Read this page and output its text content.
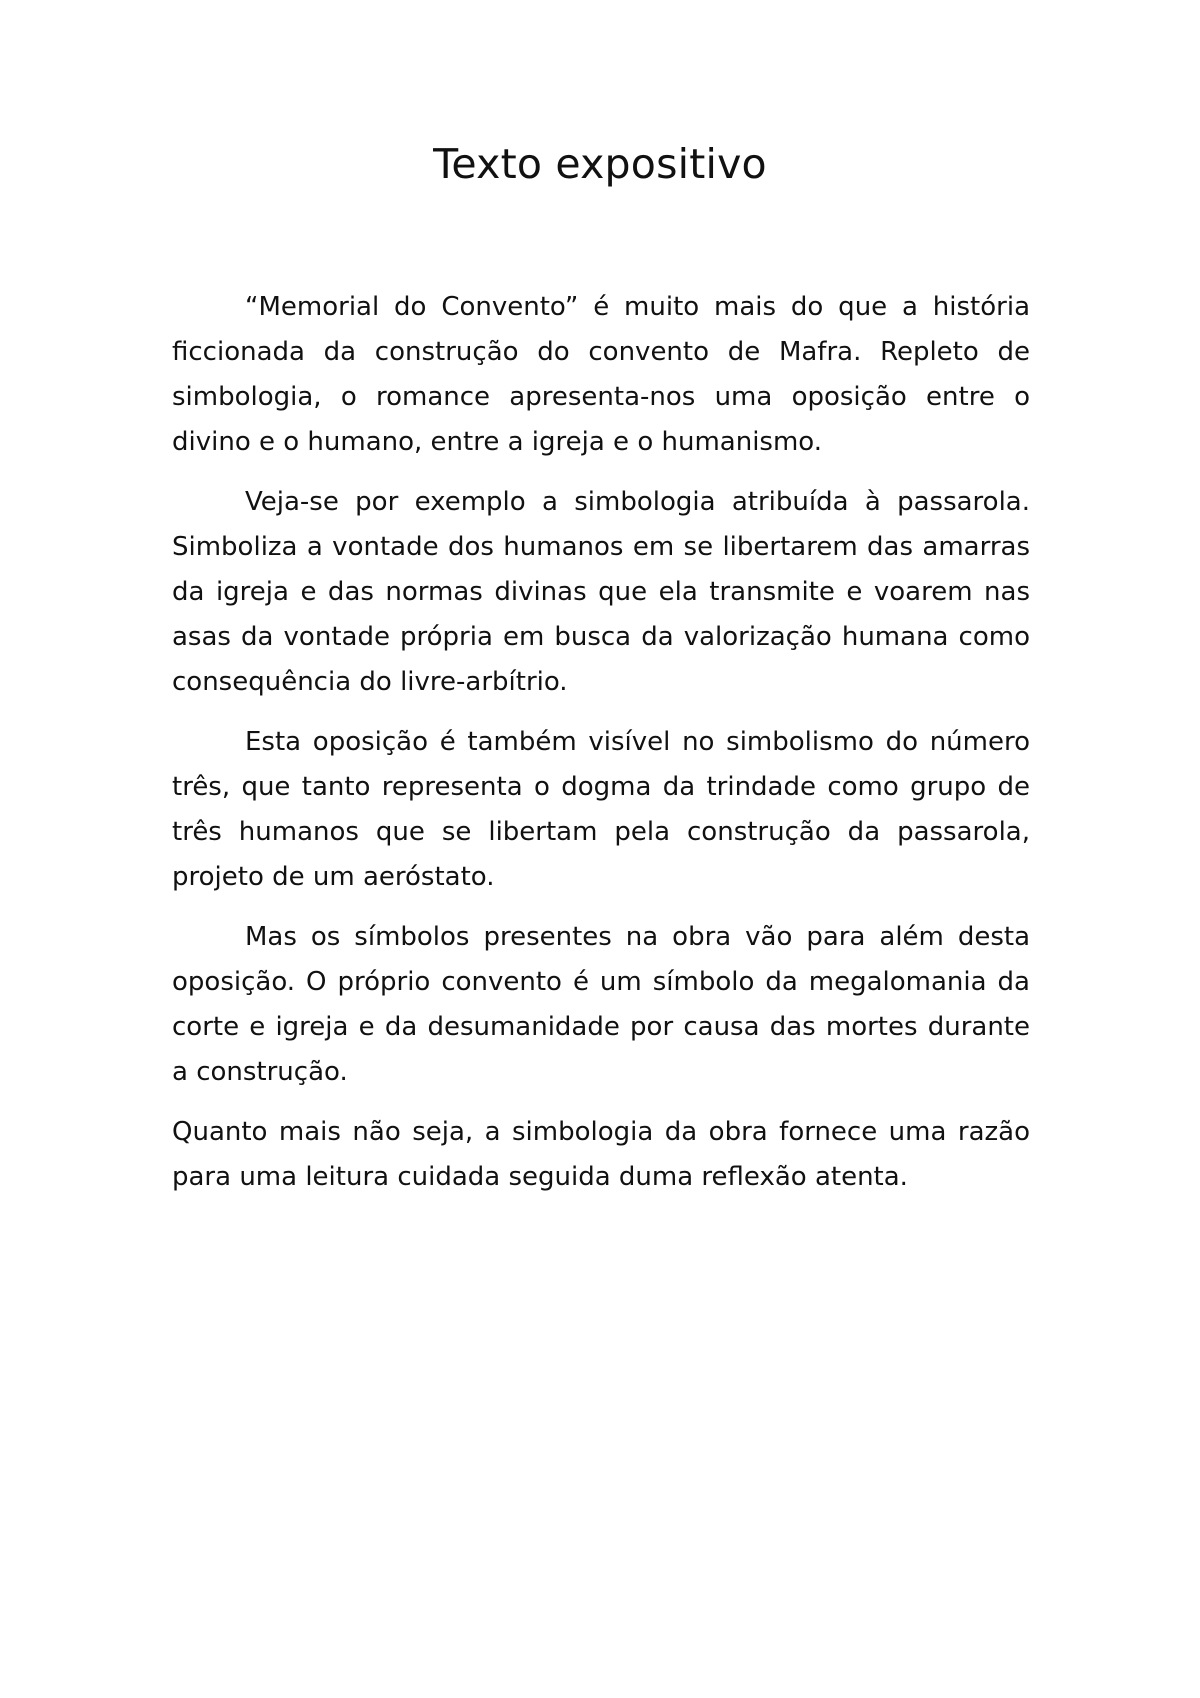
Texto expositivo

“Memorial do Convento” é muito mais do que a história ficcionada da construção do convento de Mafra. Repleto de simbologia, o romance apresenta-nos uma oposição entre o divino e o humano, entre a igreja e o humanismo.

Veja-se por exemplo a simbologia atribuída à passarola. Simboliza a vontade dos humanos em se libertarem das amarras da igreja e das normas divinas que ela transmite e voarem nas asas da vontade própria em busca da valorização humana como consequência do livre-arbítrio.

Esta oposição é também visível no simbolismo do número três, que tanto representa o dogma da trindade como grupo de três humanos que se libertam pela construção da passarola, projeto de um aeróstato.

Mas os símbolos presentes na obra vão para além desta oposição. O próprio convento é um símbolo da megalomania da corte e igreja e da desumanidade por causa das mortes durante a construção.

Quanto mais não seja, a simbologia da obra fornece uma razão para uma leitura cuidada seguida duma reflexão atenta.
